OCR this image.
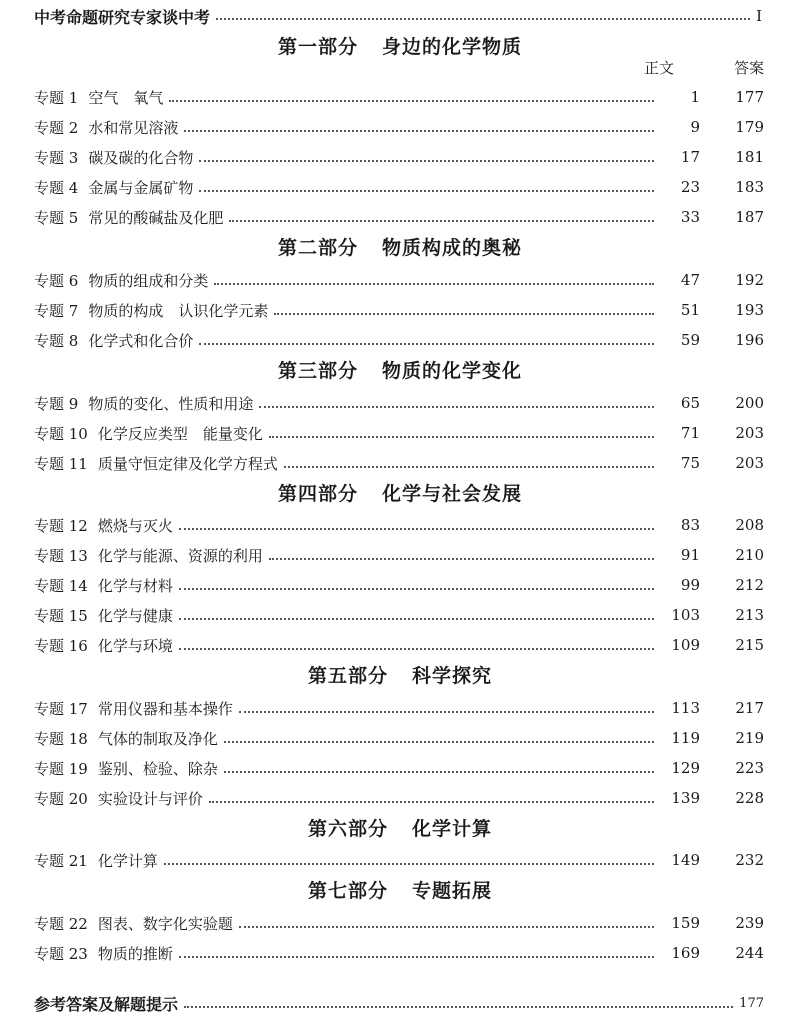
中考命题研究专家谈中考	I
正文	答案
第一部分 身边的化学物质
专题 1 空气　氧气	1	177
专题 2 水和常见溶液	9	179
专题 3 碳及碳的化合物	17	181
专题 4 金属与金属矿物	23	183
专题 5 常见的酸碱盐及化肥	33	187
第二部分 物质构成的奥秘
专题 6 物质的组成和分类	47	192
专题 7 物质的构成　认识化学元素	51	193
专题 8 化学式和化合价	59	196
第三部分 物质的化学变化
专题 9 物质的变化、性质和用途	65	200
专题 10 化学反应类型　能量变化	71	203
专题 11 质量守恒定律及化学方程式	75	203
第四部分 化学与社会发展
专题 12 燃烧与灭火	83	208
专题 13 化学与能源、资源的利用	91	210
专题 14 化学与材料	99	212
专题 15 化学与健康	103	213
专题 16 化学与环境	109	215
第五部分 科学探究
专题 17 常用仪器和基本操作	113	217
专题 18 气体的制取及净化	119	219
专题 19 鉴别、检验、除杂	129	223
专题 20 实验设计与评价	139	228
第六部分 化学计算
专题 21 化学计算	149	232
第七部分 专题拓展
专题 22 图表、数字化实验题	159	239
专题 23 物质的推断	169	244
参考答案及解题提示	177
